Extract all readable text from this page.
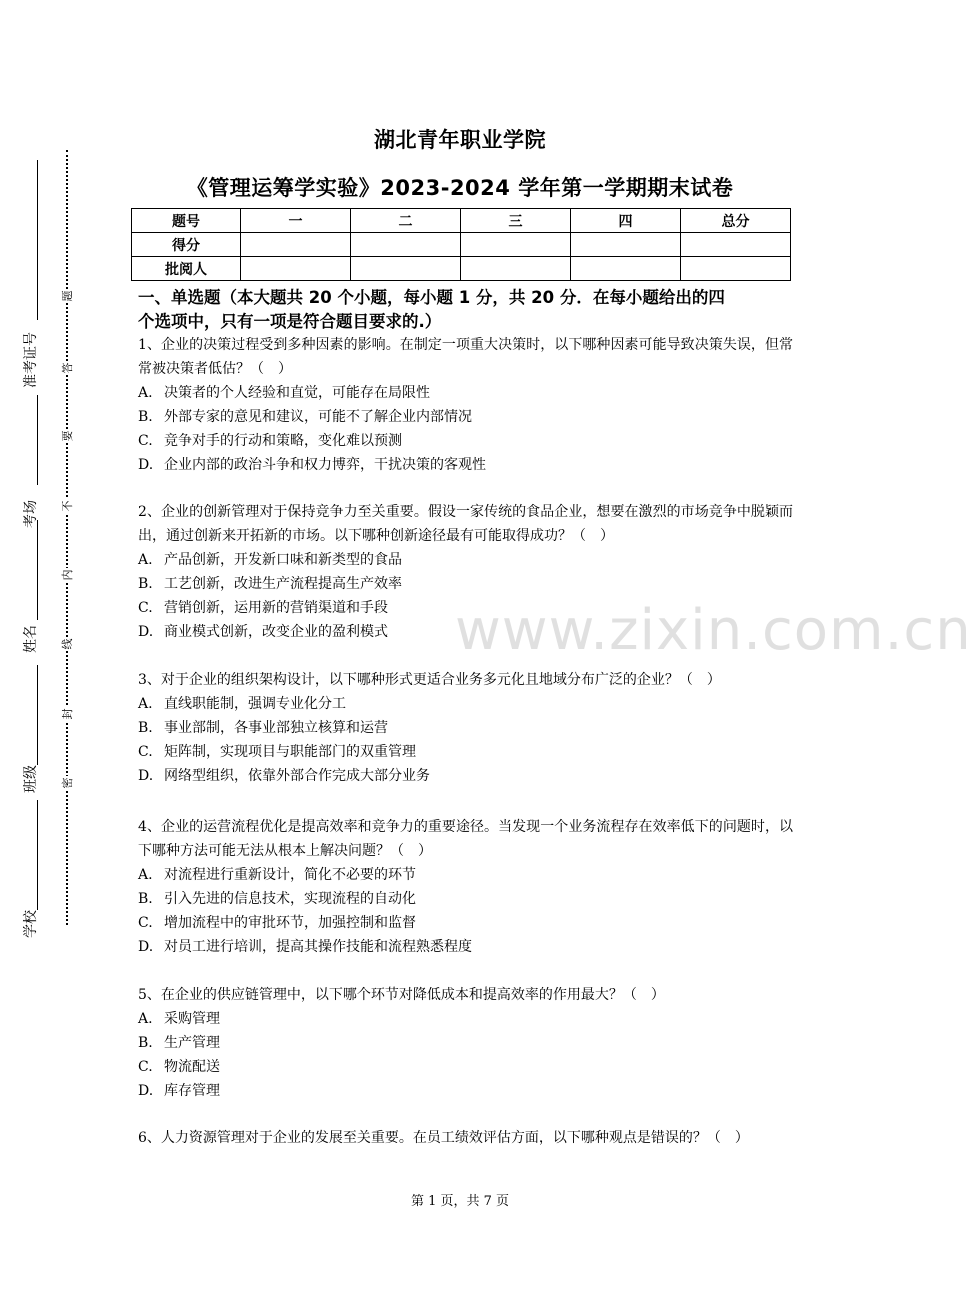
准考证号
考场
姓名
班级
学校
题
答
要
不
内
线
封
密
湖北青年职业学院
《管理运筹学实验》2023-2024 学年第一学期期末试卷
题号	一	二	三	四	总分
得分					
批阅人					
一、单选题（本大题共 20 个小题，每小题 1 分，共 20 分．在每小题给出的四
个选项中，只有一项是符合题目要求的.）
1、企业的决策过程受到多种因素的影响。在制定一项重大决策时，以下哪种因素可能导致决策失误，但常常被决策者低估？（　）
A. 决策者的个人经验和直觉，可能存在局限性
B. 外部专家的意见和建议，可能不了解企业内部情况
C. 竞争对手的行动和策略，变化难以预测
D. 企业内部的政治斗争和权力博弈，干扰决策的客观性
2、企业的创新管理对于保持竞争力至关重要。假设一家传统的食品企业，想要在激烈的市场竞争中脱颖而出，通过创新来开拓新的市场。以下哪种创新途径最有可能取得成功？（　）
A. 产品创新，开发新口味和新类型的食品
B. 工艺创新，改进生产流程提高生产效率
C. 营销创新，运用新的营销渠道和手段
D. 商业模式创新，改变企业的盈利模式
3、对于企业的组织架构设计，以下哪种形式更适合业务多元化且地域分布广泛的企业？（　）
A. 直线职能制，强调专业化分工
B. 事业部制，各事业部独立核算和运营
C. 矩阵制，实现项目与职能部门的双重管理
D. 网络型组织，依靠外部合作完成大部分业务
4、企业的运营流程优化是提高效率和竞争力的重要途径。当发现一个业务流程存在效率低下的问题时，以下哪种方法可能无法从根本上解决问题？（　）
A. 对流程进行重新设计，简化不必要的环节
B. 引入先进的信息技术，实现流程的自动化
C. 增加流程中的审批环节，加强控制和监督
D. 对员工进行培训，提高其操作技能和流程熟悉程度
5、在企业的供应链管理中，以下哪个环节对降低成本和提高效率的作用最大？（　）
A. 采购管理
B. 生产管理
C. 物流配送
D. 库存管理
6、人力资源管理对于企业的发展至关重要。在员工绩效评估方面，以下哪种观点是错误的？（　）
www.zixin.com.cn
第 1 页，共 7 页
